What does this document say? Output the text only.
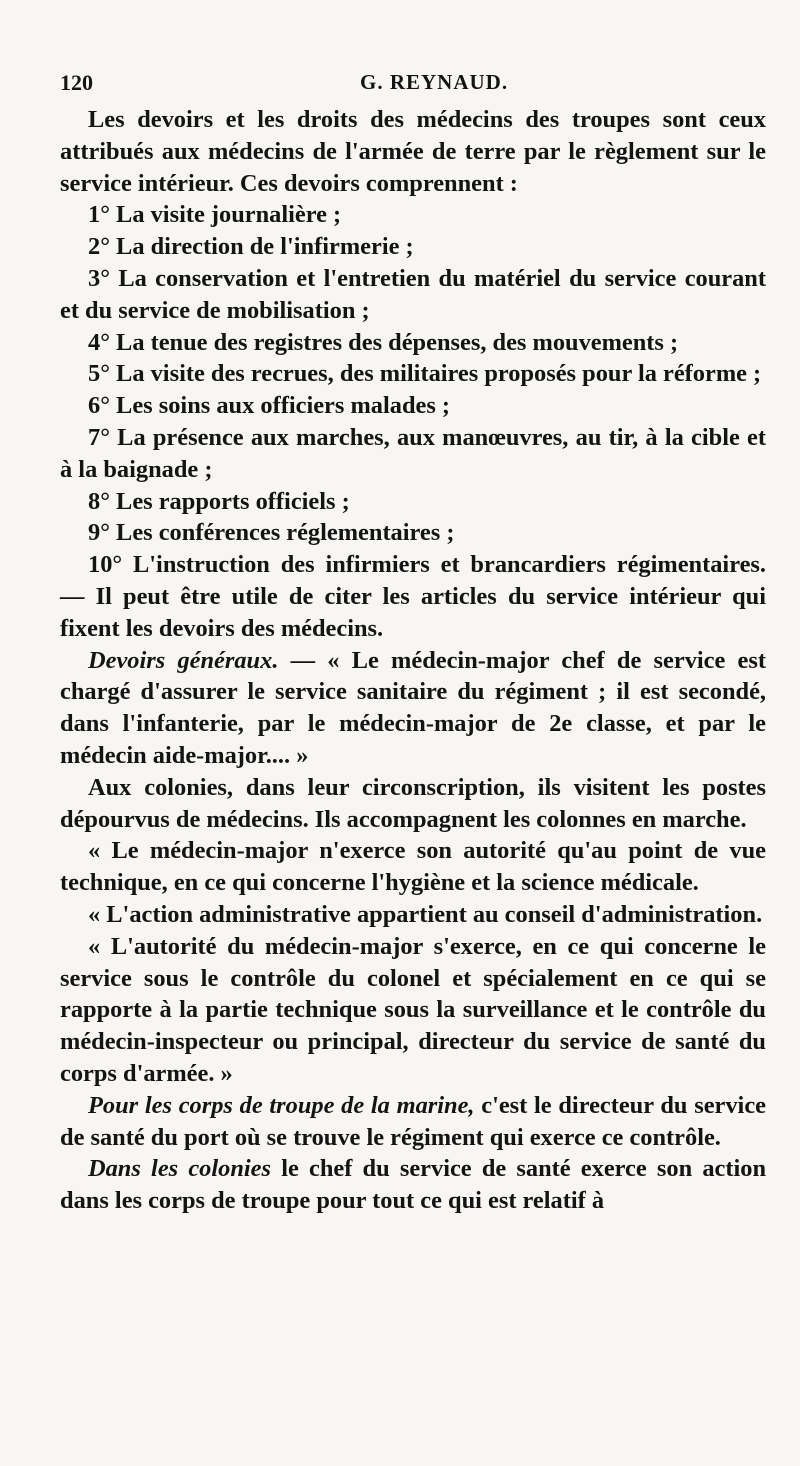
120	G. REYNAUD.

Les devoirs et les droits des médecins des troupes sont ceux attribués aux médecins de l'armée de terre par le règlement sur le service intérieur. Ces devoirs comprennent :

1° La visite journalière ;

2° La direction de l'infirmerie ;

3° La conservation et l'entretien du matériel du service courant et du service de mobilisation ;

4° La tenue des registres des dépenses, des mouvements ;

5° La visite des recrues, des militaires proposés pour la réforme ;

6° Les soins aux officiers malades ;

7° La présence aux marches, aux manœuvres, au tir, à la cible et à la baignade ;

8° Les rapports officiels ;

9° Les conférences réglementaires ;

10° L'instruction des infirmiers et brancardiers régimentaires. — Il peut être utile de citer les articles du service intérieur qui fixent les devoirs des médecins.

Devoirs généraux. — « Le médecin-major chef de service est chargé d'assurer le service sanitaire du régiment ; il est secondé, dans l'infanterie, par le médecin-major de 2e classe, et par le médecin aide-major.... »

Aux colonies, dans leur circonscription, ils visitent les postes dépourvus de médecins. Ils accompagnent les colonnes en marche.

« Le médecin-major n'exerce son autorité qu'au point de vue technique, en ce qui concerne l'hygiène et la science médicale.

« L'action administrative appartient au conseil d'administration.

« L'autorité du médecin-major s'exerce, en ce qui concerne le service sous le contrôle du colonel et spécialement en ce qui se rapporte à la partie technique sous la surveillance et le contrôle du médecin-inspecteur ou principal, directeur du service de santé du corps d'armée. »

Pour les corps de troupe de la marine, c'est le directeur du service de santé du port où se trouve le régiment qui exerce ce contrôle.

Dans les colonies le chef du service de santé exerce son action dans les corps de troupe pour tout ce qui est relatif à
